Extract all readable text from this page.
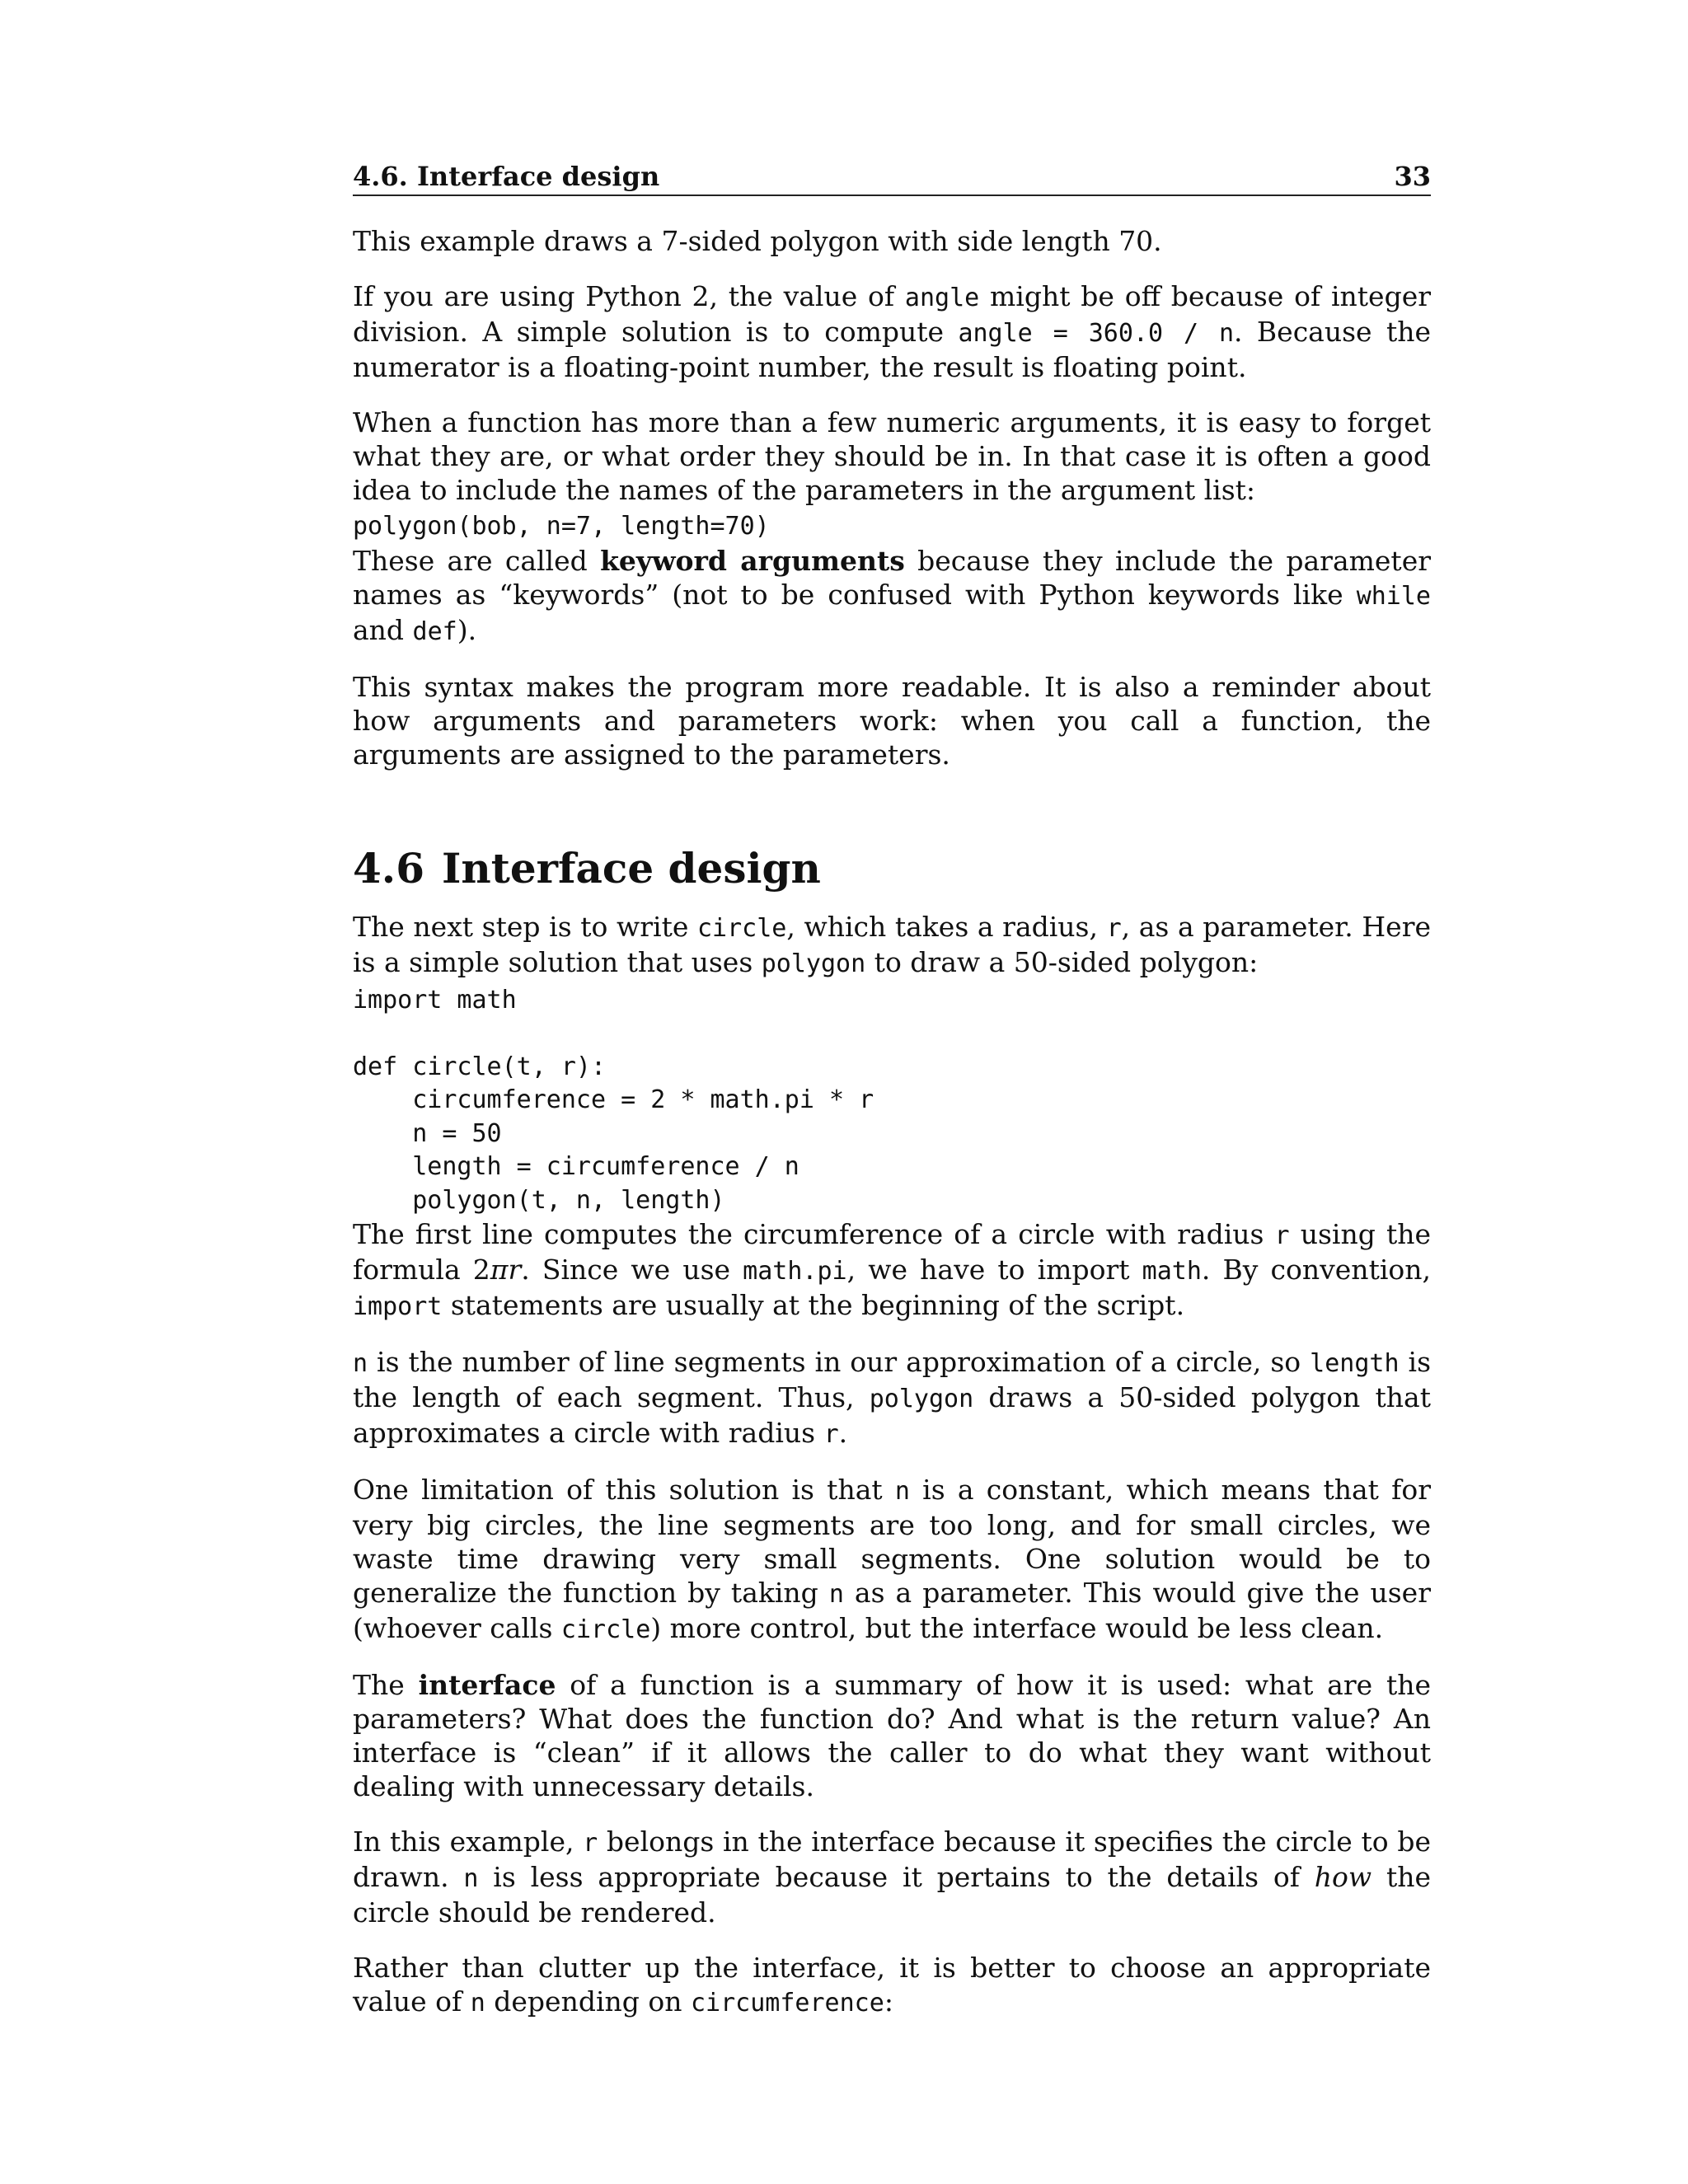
4.6. Interface design	33

This example draws a 7-sided polygon with side length 70.

If you are using Python 2, the value of angle might be off because of integer division. A simple solution is to compute angle = 360.0 / n. Because the numerator is a floating-point number, the result is floating point.

When a function has more than a few numeric arguments, it is easy to forget what they are, or what order they should be in. In that case it is often a good idea to include the names of the parameters in the argument list:

polygon(bob, n=7, length=70)

These are called keyword arguments because they include the parameter names as “keywords” (not to be confused with Python keywords like while and def).

This syntax makes the program more readable. It is also a reminder about how arguments and parameters work: when you call a function, the arguments are assigned to the parameters.

4.6 Interface design

The next step is to write circle, which takes a radius, r, as a parameter. Here is a simple solution that uses polygon to draw a 50-sided polygon:

import math

def circle(t, r):
circumference = 2 * math.pi * r
n = 50
length = circumference / n
polygon(t, n, length)

The first line computes the circumference of a circle with radius r using the formula 2πr. Since we use math.pi, we have to import math. By convention, import statements are usually at the beginning of the script.

n is the number of line segments in our approximation of a circle, so length is the length of each segment. Thus, polygon draws a 50-sided polygon that approximates a circle with radius r.

One limitation of this solution is that n is a constant, which means that for very big circles, the line segments are too long, and for small circles, we waste time drawing very small segments. One solution would be to generalize the function by taking n as a parameter. This would give the user (whoever calls circle) more control, but the interface would be less clean.

The interface of a function is a summary of how it is used: what are the parameters? What does the function do? And what is the return value? An interface is “clean” if it allows the caller to do what they want without dealing with unnecessary details.

In this example, r belongs in the interface because it specifies the circle to be drawn. n is less appropriate because it pertains to the details of how the circle should be rendered.

Rather than clutter up the interface, it is better to choose an appropriate value of n depending on circumference:
